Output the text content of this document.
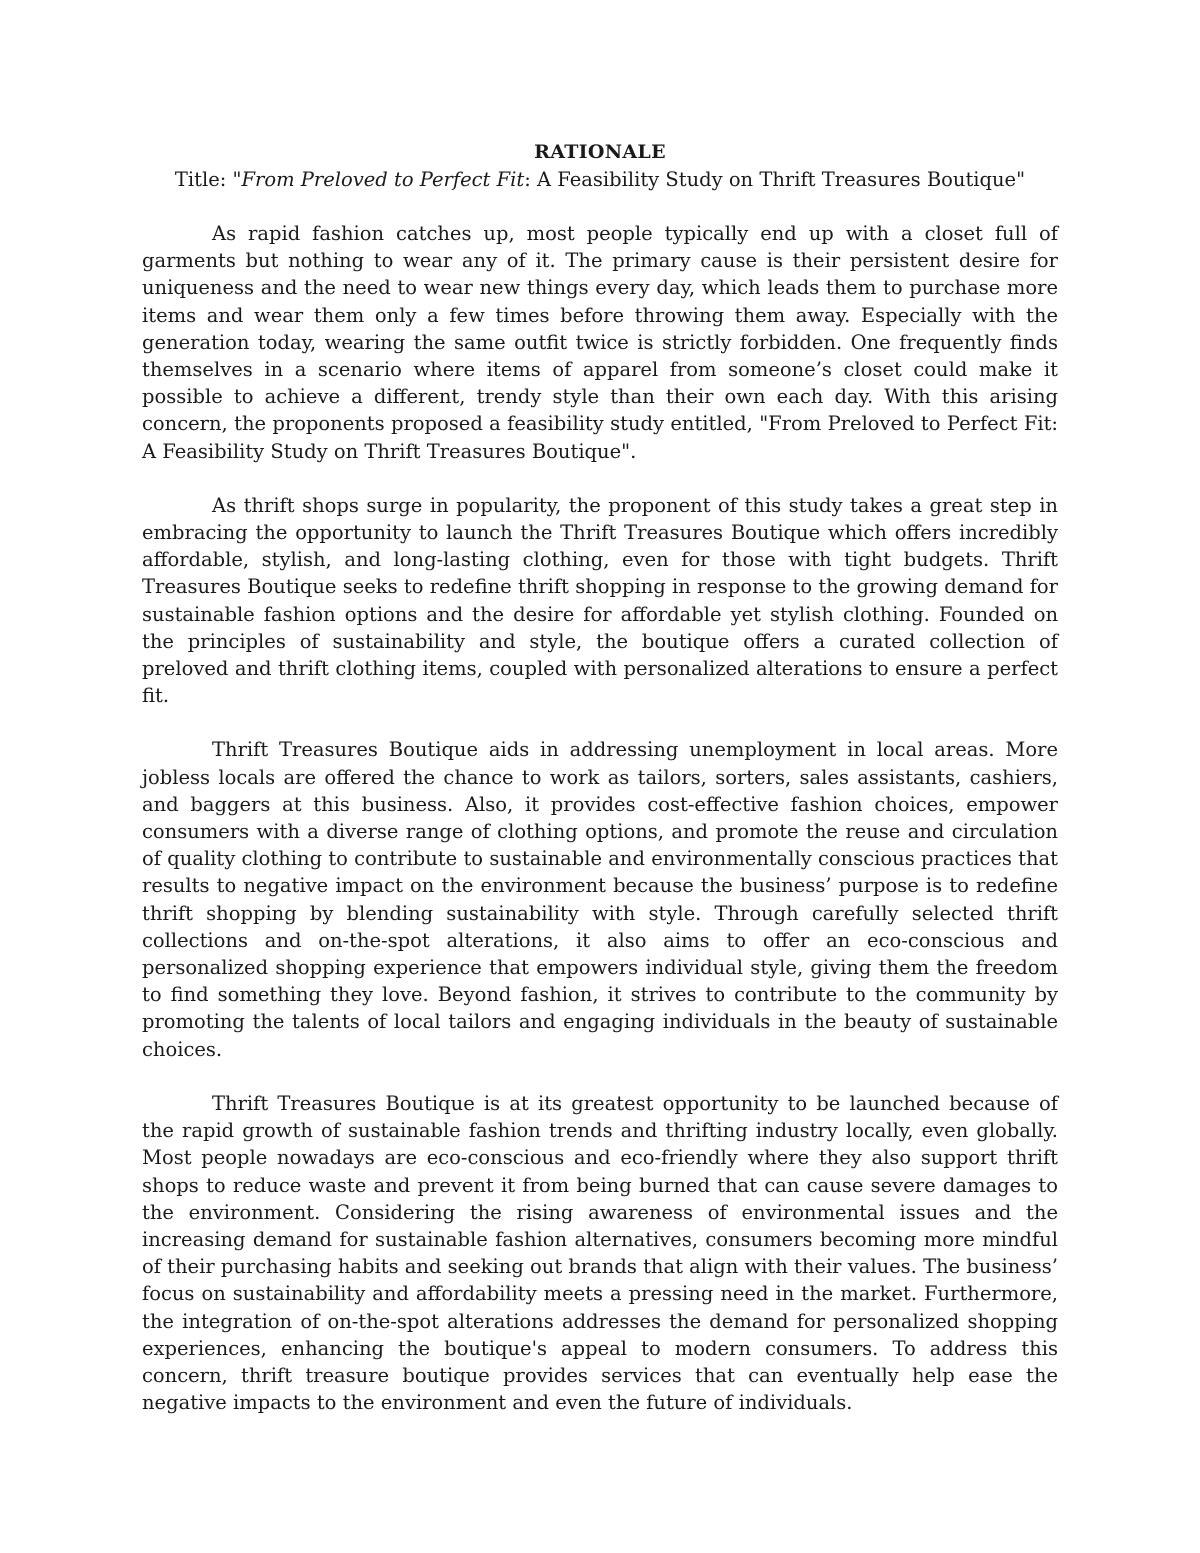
RATIONALE

Title: "From Preloved to Perfect Fit: A Feasibility Study on Thrift Treasures Boutique"

As rapid fashion catches up, most people typically end up with a closet full of garments but nothing to wear any of it. The primary cause is their persistent desire for uniqueness and the need to wear new things every day, which leads them to purchase more items and wear them only a few times before throwing them away. Especially with the generation today, wearing the same outfit twice is strictly forbidden. One frequently finds themselves in a scenario where items of apparel from someone’s closet could make it possible to achieve a different, trendy style than their own each day. With this arising concern, the proponents proposed a feasibility study entitled, "From Preloved to Perfect Fit: A Feasibility Study on Thrift Treasures Boutique".

As thrift shops surge in popularity, the proponent of this study takes a great step in embracing the opportunity to launch the Thrift Treasures Boutique which offers incredibly affordable, stylish, and long-lasting clothing, even for those with tight budgets. Thrift Treasures Boutique seeks to redefine thrift shopping in response to the growing demand for sustainable fashion options and the desire for affordable yet stylish clothing. Founded on the principles of sustainability and style, the boutique offers a curated collection of preloved and thrift clothing items, coupled with personalized alterations to ensure a perfect fit.

Thrift Treasures Boutique aids in addressing unemployment in local areas. More jobless locals are offered the chance to work as tailors, sorters, sales assistants, cashiers, and baggers at this business. Also, it provides cost-effective fashion choices, empower consumers with a diverse range of clothing options, and promote the reuse and circulation of quality clothing to contribute to sustainable and environmentally conscious practices that results to negative impact on the environment because the business’ purpose is to redefine thrift shopping by blending sustainability with style. Through carefully selected thrift collections and on-the-spot alterations, it also aims to offer an eco-conscious and personalized shopping experience that empowers individual style, giving them the freedom to find something they love. Beyond fashion, it strives to contribute to the community by promoting the talents of local tailors and engaging individuals in the beauty of sustainable choices.

Thrift Treasures Boutique is at its greatest opportunity to be launched because of the rapid growth of sustainable fashion trends and thrifting industry locally, even globally. Most people nowadays are eco-conscious and eco-friendly where they also support thrift shops to reduce waste and prevent it from being burned that can cause severe damages to the environment. Considering the rising awareness of environmental issues and the increasing demand for sustainable fashion alternatives, consumers becoming more mindful of their purchasing habits and seeking out brands that align with their values. The business’ focus on sustainability and affordability meets a pressing need in the market. Furthermore, the integration of on-the-spot alterations addresses the demand for personalized shopping experiences, enhancing the boutique's appeal to modern consumers. To address this concern, thrift treasure boutique provides services that can eventually help ease the negative impacts to the environment and even the future of individuals.
